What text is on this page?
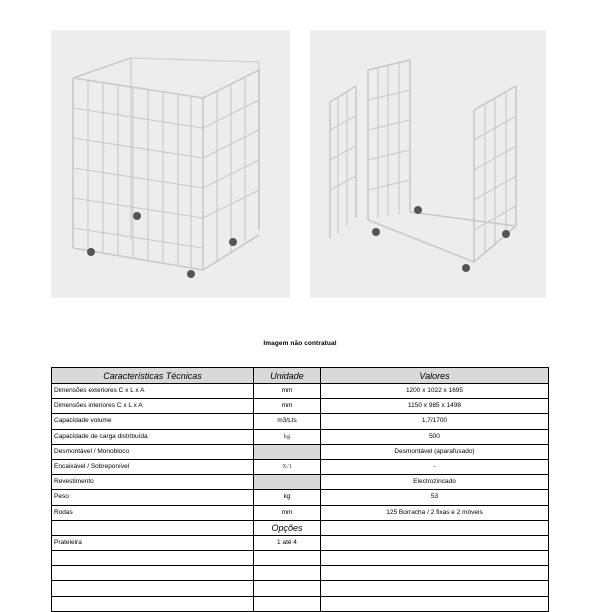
Imagem não contratual
Características Técnicas	Unidade	Valores
Dimensões exteriores C x L x A	mm	1200 x 1022 x 1695
Dimensões interiores C x L x A	mm	1150 x 985 x 1498
Capacidade volume	m3/Lts	1,7/1700
Capacidade de carga distribuída	kg	500
Desmontável / Monobloco		Desmontável (aparafusado)
Encaixável / Sobreponível	X/1	-
Revestimento		Electrozincado
Peso	kg	53
Rodas	mm	125 Borracha / 2 fixas e 2 móveis
	Opções	
Prateleira	1 até 4	
